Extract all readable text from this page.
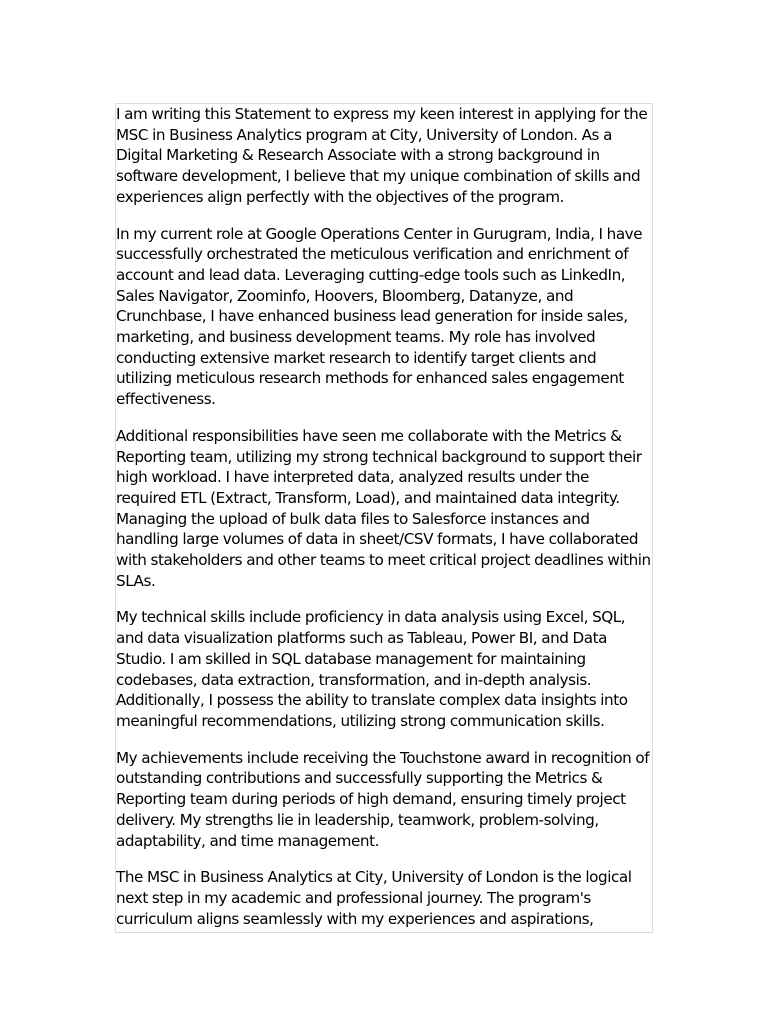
I am writing this Statement to express my keen interest in applying for the MSC in Business Analytics program at City, University of London. As a Digital Marketing & Research Associate with a strong background in software development, I believe that my unique combination of skills and experiences align perfectly with the objectives of the program.

In my current role at Google Operations Center in Gurugram, India, I have successfully orchestrated the meticulous verification and enrichment of account and lead data. Leveraging cutting-edge tools such as LinkedIn, Sales Navigator, Zoominfo, Hoovers, Bloomberg, Datanyze, and Crunchbase, I have enhanced business lead generation for inside sales, marketing, and business development teams. My role has involved conducting extensive market research to identify target clients and utilizing meticulous research methods for enhanced sales engagement effectiveness.

Additional responsibilities have seen me collaborate with the Metrics & Reporting team, utilizing my strong technical background to support their high workload. I have interpreted data, analyzed results under the required ETL (Extract, Transform, Load), and maintained data integrity. Managing the upload of bulk data files to Salesforce instances and handling large volumes of data in sheet/CSV formats, I have collaborated with stakeholders and other teams to meet critical project deadlines within SLAs.

My technical skills include proficiency in data analysis using Excel, SQL, and data visualization platforms such as Tableau, Power BI, and Data Studio. I am skilled in SQL database management for maintaining codebases, data extraction, transformation, and in-depth analysis. Additionally, I possess the ability to translate complex data insights into meaningful recommendations, utilizing strong communication skills.

My achievements include receiving the Touchstone award in recognition of outstanding contributions and successfully supporting the Metrics & Reporting team during periods of high demand, ensuring timely project delivery. My strengths lie in leadership, teamwork, problem-solving, adaptability, and time management.

The MSC in Business Analytics at City, University of London is the logical next step in my academic and professional journey. The program's curriculum aligns seamlessly with my experiences and aspirations,
